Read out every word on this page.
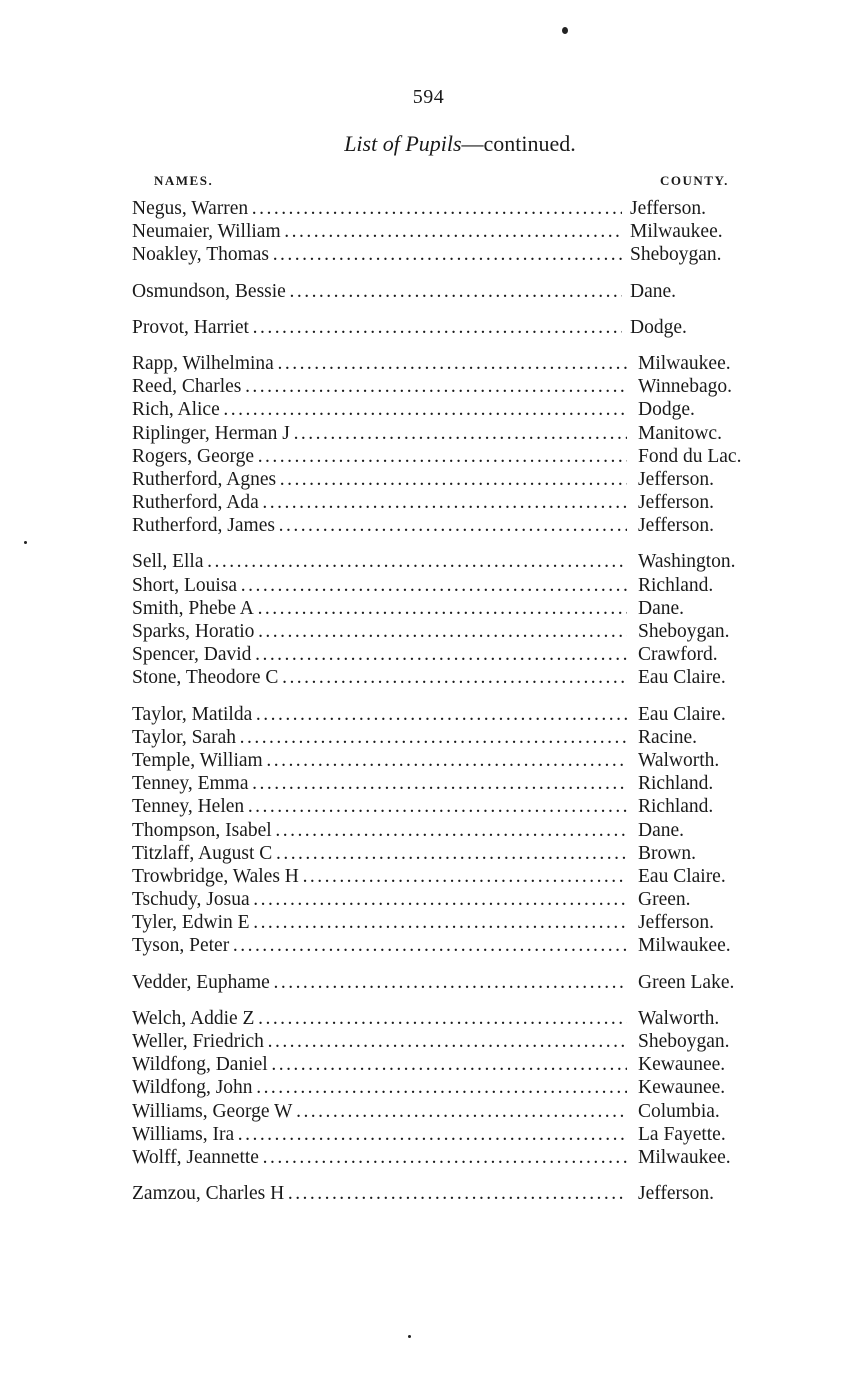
594
List of Pupils—continued.
NAMES.	COUNTY.
Negus, Warren . . .	Jefferson.
Neumaier, William . . .	Milwaukee.
Noakley, Thomas . . .	Sheboygan.
Osmundson, Bessie . . .	Dane.
Provot, Harriet . . .	Dodge.
Rapp, Wilhelmina . . .	Milwaukee.
Reed, Charles . . .	Winnebago.
Rich, Alice . . .	Dodge.
Riplinger, Herman J . . .	Manitowc.
Rogers, George . . .	Fond du Lac.
Rutherford, Agnes . . .	Jefferson.
Rutherford, Ada . . .	Jefferson.
Rutherford, James . . .	Jefferson.
Sell, Ella . . .	Washington.
Short, Louisa . . .	Richland.
Smith, Phebe A . . .	Dane.
Sparks, Horatio . . .	Sheboygan.
Spencer, David . . .	Crawford.
Stone, Theodore C . . .	Eau Claire.
Taylor, Matilda . . .	Eau Claire.
Taylor, Sarah . . .	Racine.
Temple, William . . .	Walworth.
Tenney, Emma . . .	Richland.
Tenney, Helen . . .	Richland.
Thompson, Isabel . . .	Dane.
Titzlaff, August C . . .	Brown.
Trowbridge, Wales H . . .	Eau Claire.
Tschudy, Josua . . .	Green.
Tyler, Edwin E . . .	Jefferson.
Tyson, Peter . . .	Milwaukee.
Vedder, Euphame . . .	Green Lake.
Welch, Addie Z . . .	Walworth.
Weller, Friedrich . . .	Sheboygan.
Wildfong, Daniel . . .	Kewaunee.
Wildfong, John . . .	Kewaunee.
Williams, George W . . .	Columbia.
Williams, Ira . . .	La Fayette.
Wolff, Jeannette . . .	Milwaukee.
Zamzou, Charles H . . .	Jefferson.
